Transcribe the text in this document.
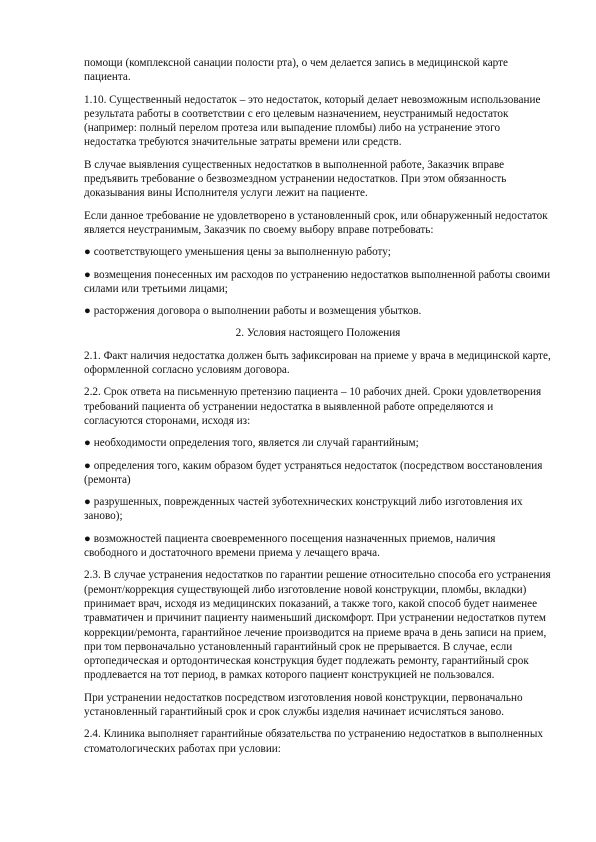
помощи (комплексной санации полости рта), о чем делается запись в медицинской карте пациента.
1.10. Существенный недостаток – это недостаток, который делает невозможным использование результата работы в соответствии с его целевым назначением, неустранимый недостаток (например: полный перелом протеза или выпадение пломбы) либо на устранение этого недостатка требуются значительные затраты времени или средств.
В случае выявления существенных недостатков в выполненной работе, Заказчик вправе предъявить требование о безвозмездном устранении недостатков. При этом обязанность доказывания вины Исполнителя услуги лежит на пациенте.
Если данное требование не удовлетворено в установленный срок, или обнаруженный недостаток является неустранимым, Заказчик по своему выбору вправе потребовать:
● соответствующего уменьшения цены за выполненную работу;
● возмещения понесенных им расходов по устранению недостатков выполненной работы своими силами или третьими лицами;
● расторжения договора о выполнении работы и возмещения убытков.
2. Условия настоящего Положения
2.1. Факт наличия недостатка должен быть зафиксирован на приеме у врача в медицинской карте, оформленной согласно условиям договора.
2.2. Срок ответа на письменную претензию пациента – 10 рабочих дней. Сроки удовлетворения требований пациента об устранении недостатка в выявленной работе определяются и согласуются сторонами, исходя из:
● необходимости определения того, является ли случай гарантийным;
● определения того, каким образом будет устраняться недостаток (посредством восстановления (ремонта)
● разрушенных, поврежденных частей зуботехнических конструкций либо изготовления их заново);
● возможностей пациента своевременного посещения назначенных приемов, наличия свободного и достаточного времени приема у лечащего врача.
2.3. В случае устранения недостатков по гарантии решение относительно способа его устранения (ремонт/коррекция существующей либо изготовление новой конструкции, пломбы, вкладки) принимает врач, исходя из медицинских показаний, а также того, какой способ будет наименее травматичен и причинит пациенту наименьший дискомфорт. При устранении недостатков путем коррекции/ремонта, гарантийное лечение производится на приеме врача в день записи на прием, при том первоначально установленный гарантийный срок не прерывается. В случае, если ортопедическая и ортодонтическая конструкция будет подлежать ремонту, гарантийный срок продлевается на тот период, в рамках которого пациент конструкцией не пользовался.
При устранении недостатков посредством изготовления новой конструкции, первоначально установленный гарантийный срок и срок службы изделия начинает исчисляться заново.
2.4. Клиника выполняет гарантийные обязательства по устранению недостатков в выполненных стоматологических работах при условии:
